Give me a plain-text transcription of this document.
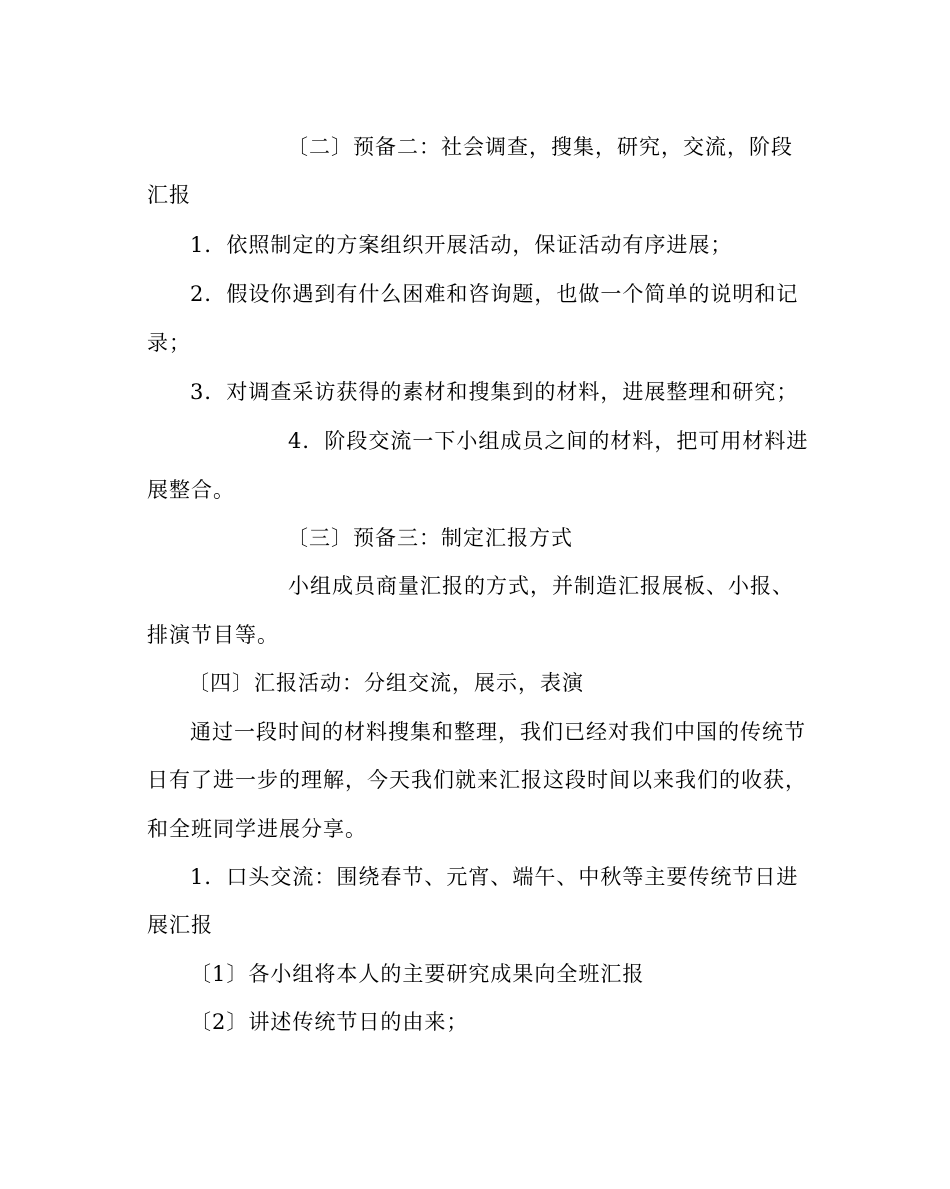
〔二〕预备二：社会调查，搜集，研究，交流，阶段
汇报
1．依照制定的方案组织开展活动，保证活动有序进展；
2．假设你遇到有什么困难和咨询题，也做一个简单的说明和记
录；
3．对调查采访获得的素材和搜集到的材料，进展整理和研究；
4．阶段交流一下小组成员之间的材料，把可用材料进
展整合。
〔三〕预备三：制定汇报方式
小组成员商量汇报的方式，并制造汇报展板、小报、
排演节目等。
〔四〕汇报活动：分组交流，展示，表演
通过一段时间的材料搜集和整理，我们已经对我们中国的传统节
日有了进一步的理解，今天我们就来汇报这段时间以来我们的收获，
和全班同学进展分享。
1．口头交流：围绕春节、元宵、端午、中秋等主要传统节日进
展汇报
〔1〕各小组将本人的主要研究成果向全班汇报
〔2〕讲述传统节日的由来；
